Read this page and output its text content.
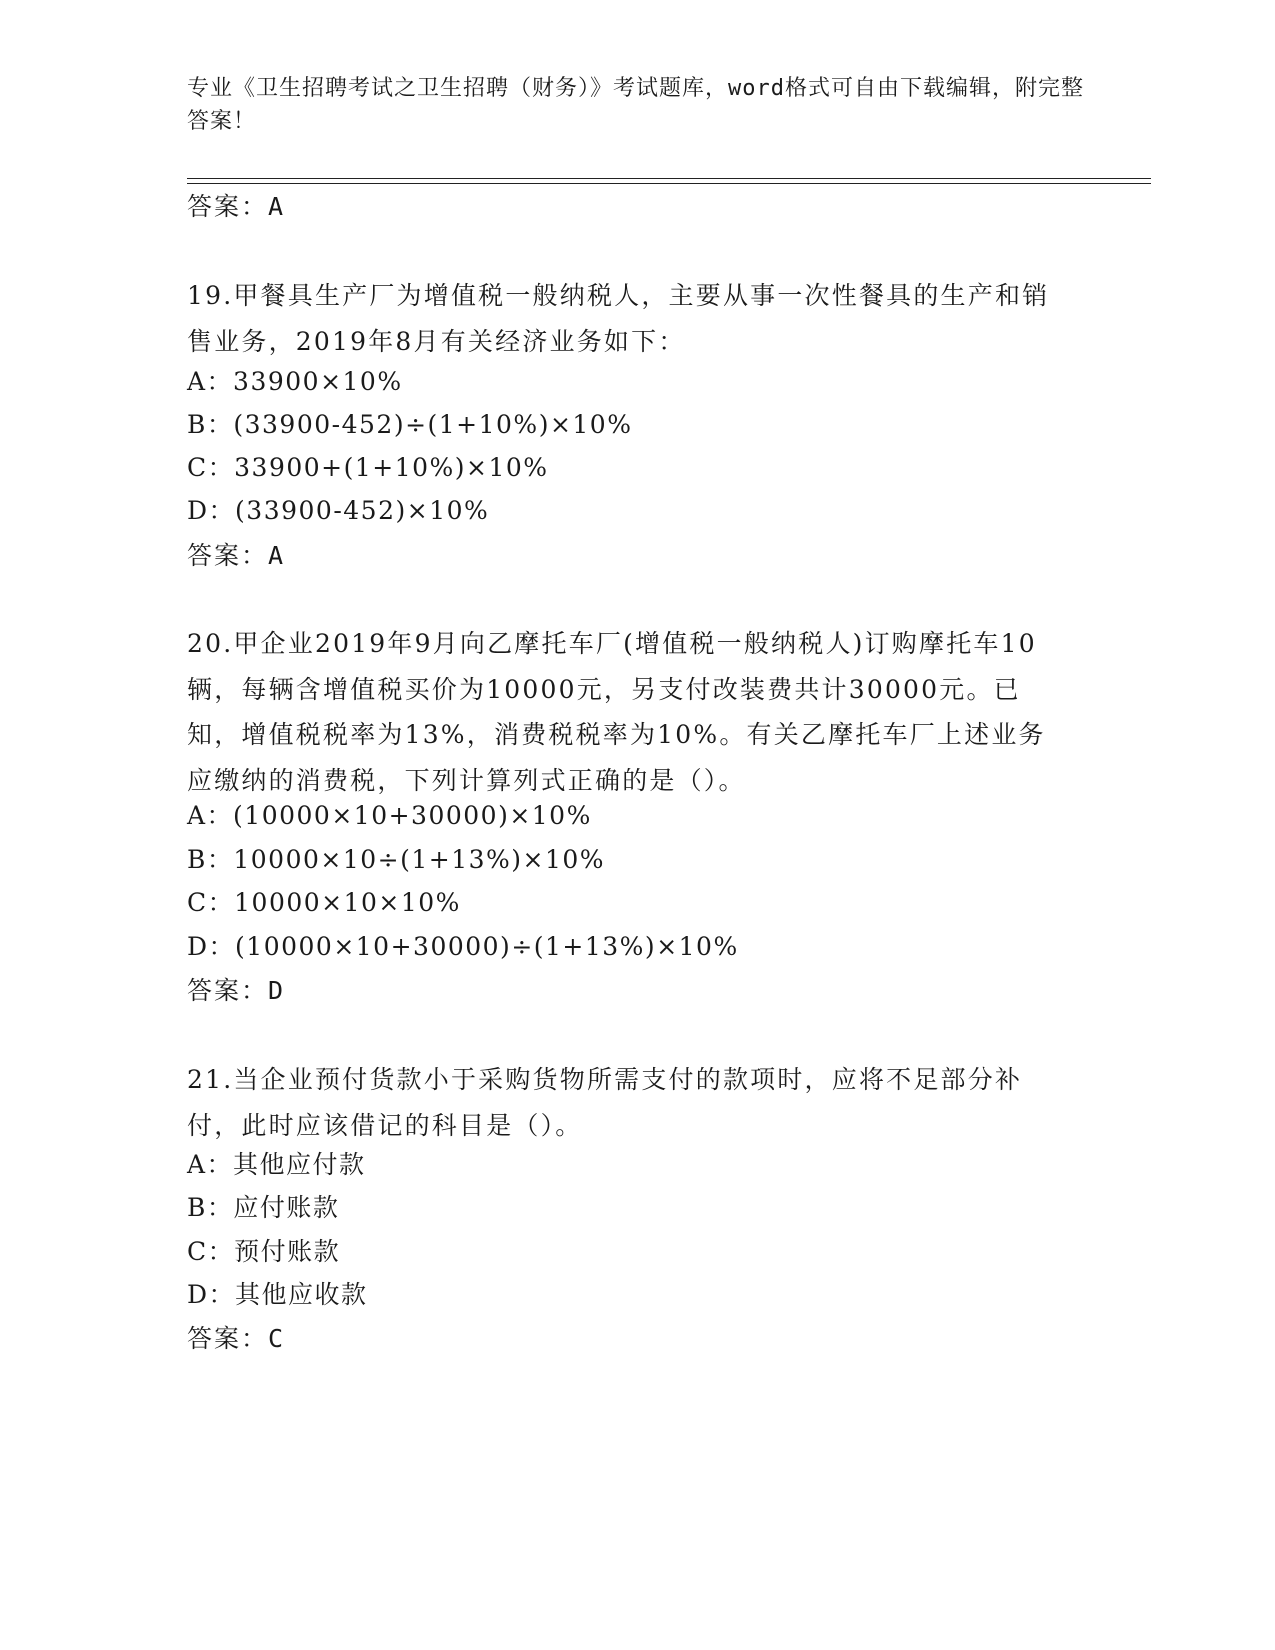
专业《卫生招聘考试之卫生招聘（财务）》考试题库，word格式可自由下载编辑，附完整答案！
答案：A
19.甲餐具生产厂为增值税一般纳税人，主要从事一次性餐具的生产和销售业务，2019年8月有关经济业务如下：
A：33900×10%
B：(33900-452)÷(1+10%)×10%
C：33900+(1+10%)×10%
D：(33900-452)×10%
答案：A
20.甲企业2019年9月向乙摩托车厂(增值税一般纳税人)订购摩托车10辆，每辆含增值税买价为10000元，另支付改装费共计30000元。已知，增值税税率为13%，消费税税率为10%。有关乙摩托车厂上述业务应缴纳的消费税，下列计算列式正确的是（）。
A：(10000×10+30000)×10%
B：10000×10÷(1+13%)×10%
C：10000×10×10%
D：(10000×10+30000)÷(1+13%)×10%
答案：D
21.当企业预付货款小于采购货物所需支付的款项时，应将不足部分补付，此时应该借记的科目是（）。
A：其他应付款
B：应付账款
C：预付账款
D：其他应收款
答案：C
